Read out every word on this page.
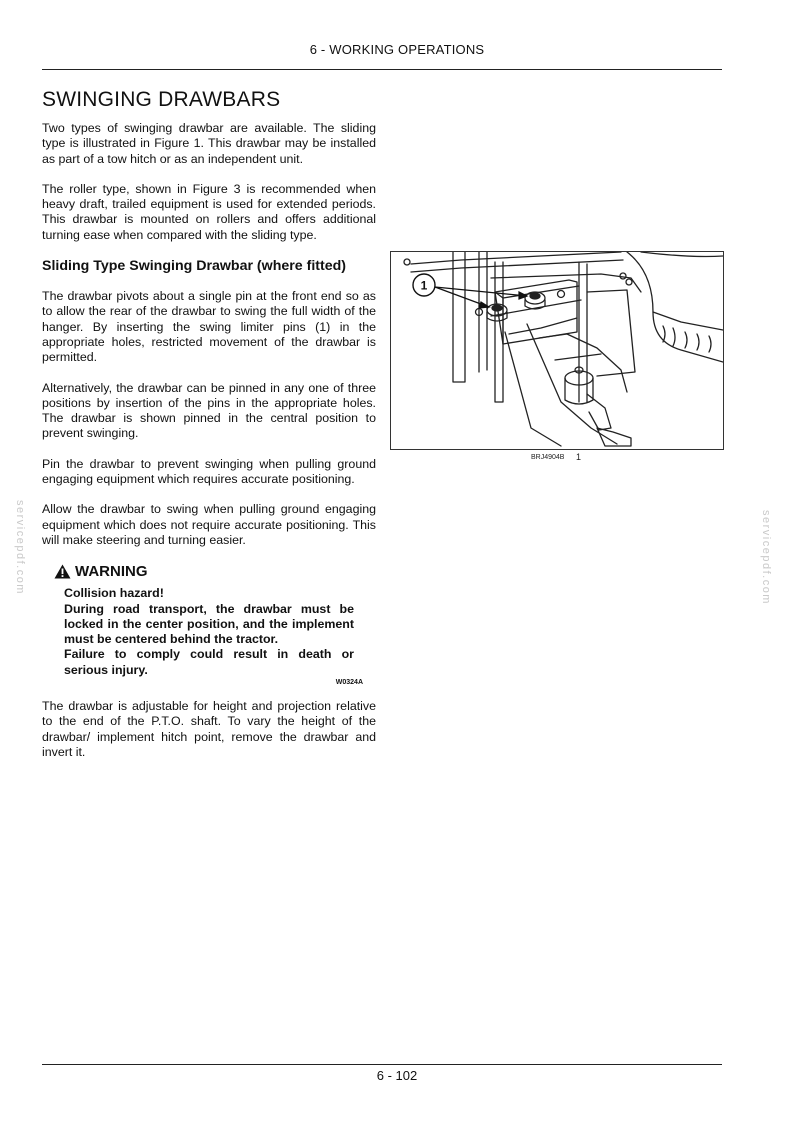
6 - WORKING OPERATIONS
SWINGING DRAWBARS

Two types of swinging drawbar are available. The sliding type is illustrated in Figure 1. This drawbar may be installed as part of a tow hitch or as an independent unit.

The roller type, shown in Figure 3 is recommended when heavy draft, trailed equipment is used for extended periods. This drawbar is mounted on rollers and offers additional turning ease when compared with the sliding type.

Sliding Type Swinging Drawbar (where fitted)

The drawbar pivots about a single pin at the front end so as to allow the rear of the drawbar to swing the full width of the hanger. By inserting the swing limiter pins (1) in the appropriate holes, restricted movement of the drawbar is permitted.

Alternatively, the drawbar can be pinned in any one of three positions by insertion of the pins in the appropriate holes. The drawbar is shown pinned in the central position to prevent swinging.

Pin the drawbar to prevent swinging when pulling ground engaging equipment which requires accurate positioning.

Allow the drawbar to swing when pulling ground engaging equipment which does not require accurate positioning. This will make steering and turning easier.

WARNING
Collision hazard!
During road transport, the drawbar must be locked in the center position, and the implement must be centered behind the tractor.
Failure to comply could result in death or serious injury.
W0324A

The drawbar is adjustable for height and projection relative to the end of the P.T.O. shaft. To vary the height of the drawbar/ implement hitch point, remove the drawbar and invert it.

1
BRJ4904B 1
servicepdf.com	servicepdf.com
6 - 102
